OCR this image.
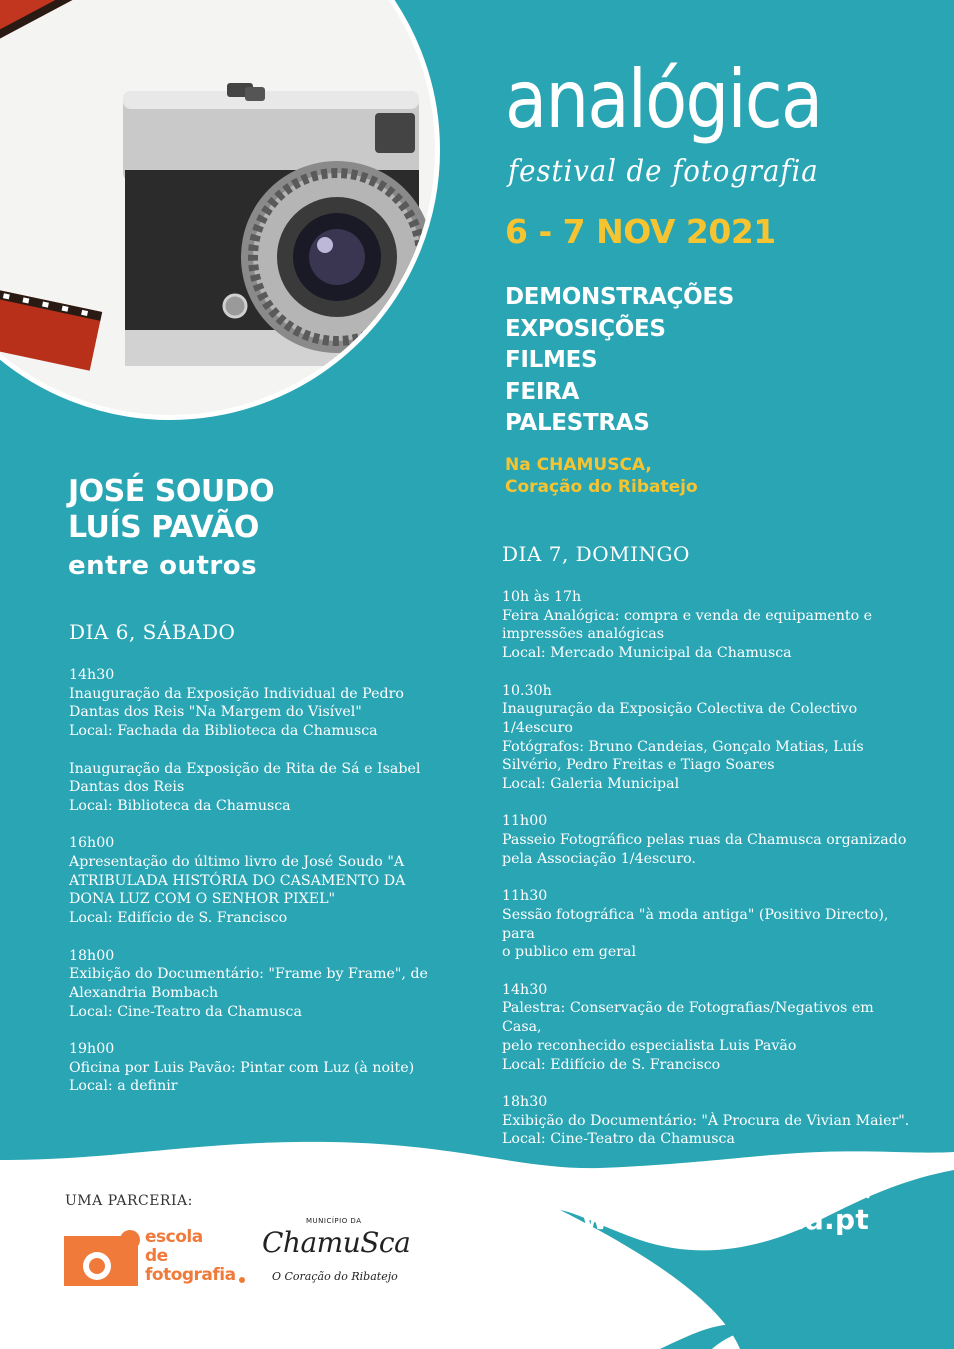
analógica
festival de fotografia
6 - 7 NOV 2021
DEMONSTRAÇÕES
EXPOSIÇÕES
FILMES
FEIRA
PALESTRAS
Na CHAMUSCA,
Coração do Ribatejo
JOSÉ SOUDO
LUÍS PAVÃO
entre outros
DIA 6, SÁBADO
14h30
Inauguração da Exposição Individual de Pedro
Dantas dos Reis "Na Margem do Visível"
Local: Fachada da Biblioteca da Chamusca
Inauguração da Exposição de Rita de Sá e Isabel
Dantas dos Reis
Local: Biblioteca da Chamusca
16h00
Apresentação do último livro de José Soudo "A
ATRIBULADA HISTÓRIA DO CASAMENTO DA
DONA LUZ COM O SENHOR PIXEL"
Local: Edifício de S. Francisco
18h00
Exibição do Documentário: "Frame by Frame", de
Alexandria Bombach
Local: Cine-Teatro da Chamusca
19h00
Oficina por Luis Pavão: Pintar com Luz (à noite)
Local: a definir
DIA 7, DOMINGO
10h às 17h
Feira Analógica: compra e venda de equipamento e
impressões analógicas
Local: Mercado Municipal da Chamusca
10.30h
Inauguração da Exposição Colectiva de Colectivo
1/4escuro
Fotógrafos: Bruno Candeias, Gonçalo Matias, Luís
Silvério, Pedro Freitas e Tiago Soares
Local: Galeria Municipal
11h00
Passeio Fotográfico pelas ruas da Chamusca organizado
pela Associação 1/4escuro.
11h30
Sessão fotográfica "à moda antiga" (Positivo Directo), para
o publico em geral
14h30
Palestra: Conservação de Fotografias/Negativos em Casa,
pelo reconhecido especialista Luis Pavão
Local: Edifício de S. Francisco
18h30
Exibição do Documentário: "À Procura de Vivian Maier".
Local: Cine-Teatro da Chamusca
UMA PARCERIA:
escola
de
fotografia
MUNICÍPIO DA
ChamuSca
O Coração do Ribatejo
para mais informações, vá a:
www.analogica.pt
